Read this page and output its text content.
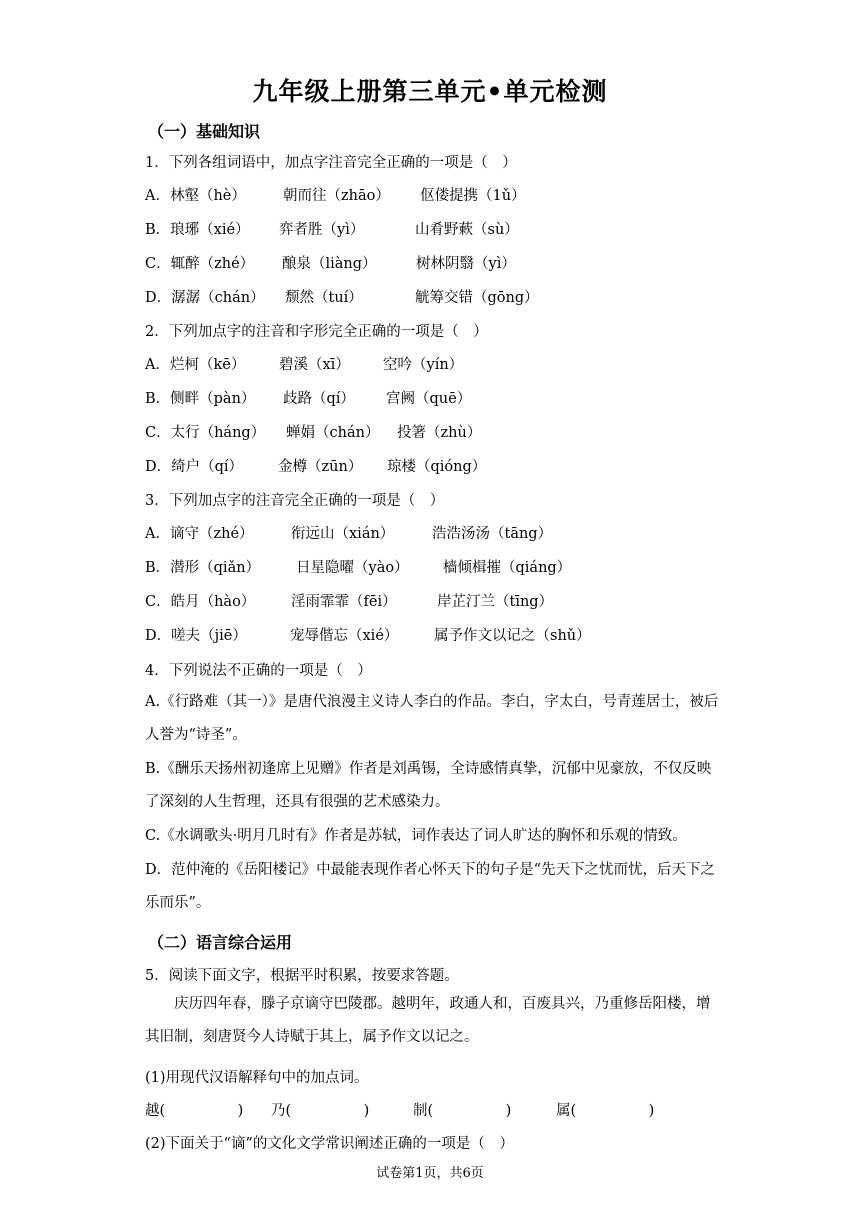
九年级上册第三单元•单元检测
（一）基础知识
1．下列各组词语中，加点字注音完全正确的一项是（　）
A．林壑（hè）	朝而往（zhāo） 伛偻提携（1ǔ）
B．琅琊（xié） 弈者胜（yì）	山肴野蔌（sù）
C．辄醉（zhé） 酿泉（liàng）	树林阴翳（yì）
D．潺潺（chán） 颓然（tuí）	觥筹交错（gōng）
2．下列加点字的注音和字形完全正确的一项是（　）
A．烂柯（kē） 碧溪（xī） 空吟（yín）
B．侧畔（pàn） 歧路（qí） 宫阙（quē）
C．太行（háng） 蝉娟（chán） 投箸（zhù）
D．绮户（qí） 金樽（zūn） 琼楼（qióng）
3．下列加点字的注音完全正确的一项是（　）
A．谪守（zhé）	衔远山（xián）	浩浩汤汤（tāng）
B．潜形（qiǎn） 日星隐曜（yào） 樯倾楫摧（qiáng）
C．皓月（hào） 淫雨霏霏（fēi）	岸芷汀兰（tīng）
D．嗟夫（jiē）	宠辱偕忘（xié） 属予作文以记之（shǔ）
4．下列说法不正确的一项是（　）
A.《行路难（其一）》是唐代浪漫主义诗人李白的作品。李白，字太白，号青莲居士，被后人誉为“诗圣”。
B.《酬乐天扬州初逢席上见赠》作者是刘禹锡，全诗感情真挚，沉郁中见豪放，不仅反映了深刻的人生哲理，还具有很强的艺术感染力。
C.《水调歌头·明月几时有》作者是苏轼，词作表达了词人旷达的胸怀和乐观的情致。
D．范仲淹的《岳阳楼记》中最能表现作者心怀天下的句子是“先天下之忧而忧，后天下之乐而乐”。
（二）语言综合运用
5．阅读下面文字，根据平时积累，按要求答题。
庆历四年春，滕子京谪守巴陵郡。越明年，政通人和，百废具兴，乃重修岳阳楼，增其旧制，刻唐贤今人诗赋于其上，属予作文以记之。
(1)用现代汉语解释句中的加点词。
越(　　　　　) 乃(　　　　　)	制(　　　　　)	属(　　　　　)
(2)下面关于“谪”的文化文学常识阐述正确的一项是（　）
试卷第1页，共6页
